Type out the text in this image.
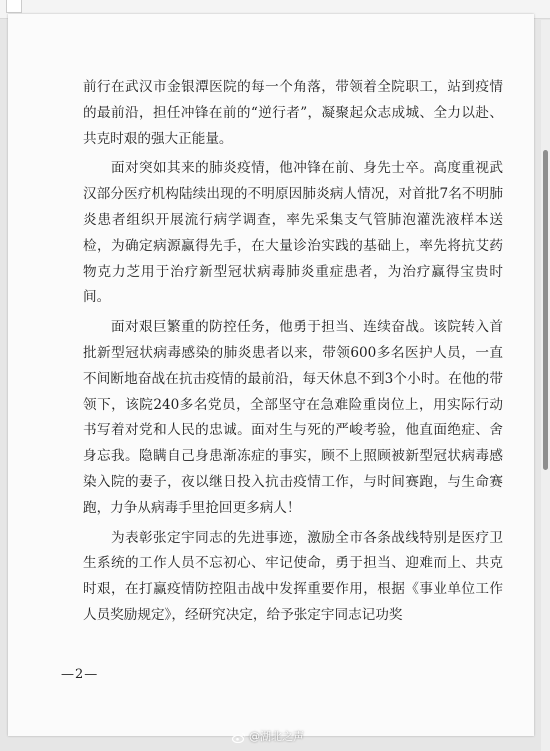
前行在武汉市金银潭医院的每一个角落，带领着全院职工，站到疫情的最前沿，担任冲锋在前的“逆行者”，凝聚起众志成城、全力以赴、共克时艰的强大正能量。

面对突如其来的肺炎疫情，他冲锋在前、身先士卒。高度重视武汉部分医疗机构陆续出现的不明原因肺炎病人情况，对首批7名不明肺炎患者组织开展流行病学调查，率先采集支气管肺泡灌洗液样本送检，为确定病源赢得先手，在大量诊治实践的基础上，率先将抗艾药物克力芝用于治疗新型冠状病毒肺炎重症患者，为治疗赢得宝贵时间。

面对艰巨繁重的防控任务，他勇于担当、连续奋战。该院转入首批新型冠状病毒感染的肺炎患者以来，带领600多名医护人员，一直不间断地奋战在抗击疫情的最前沿，每天休息不到3个小时。在他的带领下，该院240多名党员，全部坚守在急难险重岗位上，用实际行动书写着对党和人民的忠诚。面对生与死的严峻考验，他直面绝症、舍身忘我。隐瞒自己身患渐冻症的事实，顾不上照顾被新型冠状病毒感染入院的妻子，夜以继日投入抗击疫情工作，与时间赛跑，与生命赛跑，力争从病毒手里抢回更多病人！

为表彰张定宇同志的先进事迹，激励全市各条战线特别是医疗卫生系统的工作人员不忘初心、牢记使命，勇于担当、迎难而上、共克时艰，在打赢疫情防控阻击战中发挥重要作用，根据《事业单位工作人员奖励规定》，经研究决定，给予张定宇同志记功奖

—2—
@湖北之声
